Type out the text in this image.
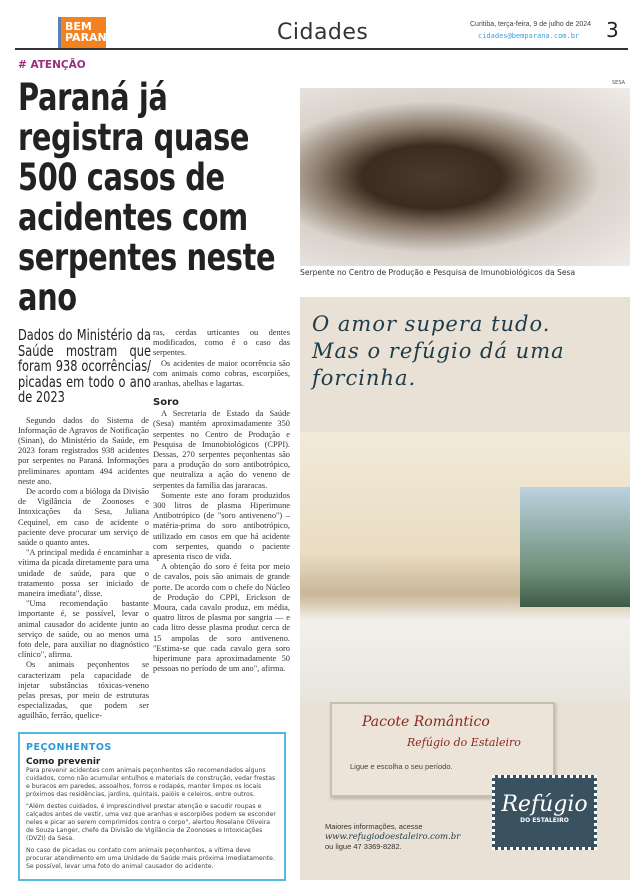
BEM
PARANÁ	Cidades	Curitiba, terça-feira, 9 de julho de 2024
cidades@bemparana.com.br 3
# ATENÇÃO
Paraná já registra quase 500 casos de acidentes com serpentes neste ano
Dados do Ministério da Saúde mostram que foram 938 ocorrências/ picadas em todo o ano de 2023

Segundo dados do Sistema de Informação de Agravos de Notificação (Sinan), do Ministério da Saúde, em 2023 foram registrados 938 acidentes por serpentes no Paraná. Informações preliminares apontam 494 acidentes neste ano.

De acordo com a bióloga da Divisão de Vigilância de Zoonoses e Intoxicações da Sesa, Juliana Cequinel, em caso de acidente o paciente deve procurar um serviço de saúde o quanto antes.

"A principal medida é encaminhar a vítima da picada diretamente para uma unidade de saúde, para que o tratamento possa ser iniciado de maneira imediata", disse.

"Uma recomendação bastante importante é, se possível, levar o animal causador do acidente junto ao serviço de saúde, ou ao menos uma foto dele, para auxiliar no diagnóstico clínico", afirma.

Os animais peçonhentos se caracterizam pela capacidade de injetar substâncias tóxicas-veneno pelas presas, por meio de estruturas especializadas, que podem ser aguilhão, ferrão, quelice-

ras, cerdas urticantes ou dentes modificados, como é o caso das serpentes.

Os acidentes de maior ocorrência são com animais como cobras, escorpiões, aranhas, abelhas e lagartas.

Soro

A Secretaria de Estado da Saúde (Sesa) mantém aproximadamente 350 serpentes no Centro de Produção e Pesquisa de Imunobiológicos (CPPI). Dessas, 270 serpentes peçonhentas são para a produção do soro antibotrópico, que neutraliza a ação do veneno de serpentes da família das jararacas.

Somente este ano foram produzidos 300 litros de plasma Hiperimune Antibotrópico (de "soro antiveneno") – matéria-prima do soro antibotrópico, utilizado em casos em que há acidente com serpentes, quando o paciente apresenta risco de vida.

A obtenção do soro é feita por meio de cavalos, pois são animais de grande porte. De acordo com o chefe do Núcleo de Produção do CPPI, Erickson de Moura, cada cavalo produz, em média, quatro litros de plasma por sangria — e cada litro desse plasma produz cerca de 15 ampolas de soro antiveneno. "Estima-se que cada cavalo gera soro hiperimune para aproximadamente 50 pessoas no período de um ano", afirma.

PEÇONHENTOS
Como prevenir

Para prevenir acidentes com animais peçonhentos são recomendados alguns cuidados, como não acumular entulhos e materiais de construção, vedar frestas e buracos em paredes, assoalhos, forros e rodapés, manter limpos os locais próximos das residências, jardins, quintais, paióis e celeiros, entre outros.

"Além destes cuidados, é imprescindível prestar atenção e sacudir roupas e calçados antes de vestir, uma vez que aranhas e escorpiões podem se esconder neles e picar ao serem comprimidos contra o corpo", alertou Roselane Oliveira de Souza Langer, chefe da Divisão de Vigilância de Zoonoses e Intoxicações (DVZI) da Sesa.

No caso de picadas ou contato com animais peçonhentos, a vítima deve procurar atendimento em uma Unidade de Saúde mais próxima imediatamente. Se possível, levar uma foto do animal causador do acidente.

SESA
Serpente no Centro de Produção e Pesquisa de Imunobiológicos da Sesa
O amor supera tudo.
Mas o refúgio dá uma
forcinha.
Pacote Romântico
Refúgio do Estaleiro
Ligue e escolha o seu período.
Refúgio
DO ESTALEIRO
Maiores informações, acesse
www.refugiodoestaleiro.com.br
ou ligue 47 3369-8282.
